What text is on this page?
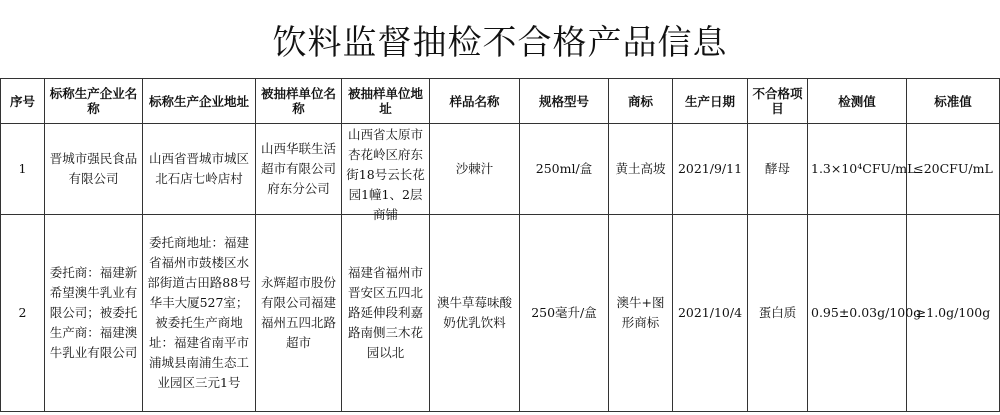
饮料监督抽检不合格产品信息
序号	标称生产企业名称	标称生产企业地址	被抽样单位名称	被抽样单位地址	样品名称	规格型号	商标	生产日期	不合格项目	检测值	标准值
1	晋城市强民食品有限公司	山西省晋城市城区北石店七岭店村	山西华联生活超市有限公司府东分公司	山西省太原市杏花岭区府东街18号云长花园1幢1、2层商铺	沙棘汁	250ml/盒	黄土高坡	2021/9/11	酵母	1.3×10⁴CFU/mL	≤20CFU/mL
2	委托商：福建新希望澳牛乳业有限公司；被委托生产商：福建澳牛乳业有限公司	委托商地址：福建省福州市鼓楼区水部街道古田路88号华丰大厦527室；被委托生产商地址：福建省南平市浦城县南浦生态工业园区三元1号	永辉超市股份有限公司福建福州五四北路超市	福建省福州市晋安区五四北路延伸段利嘉路南侧三木花园以北	澳牛草莓味酸奶优乳饮料	250毫升/盒	澳牛+图形商标	2021/10/4	蛋白质	0.95±0.03g/100g	≥1.0g/100g
